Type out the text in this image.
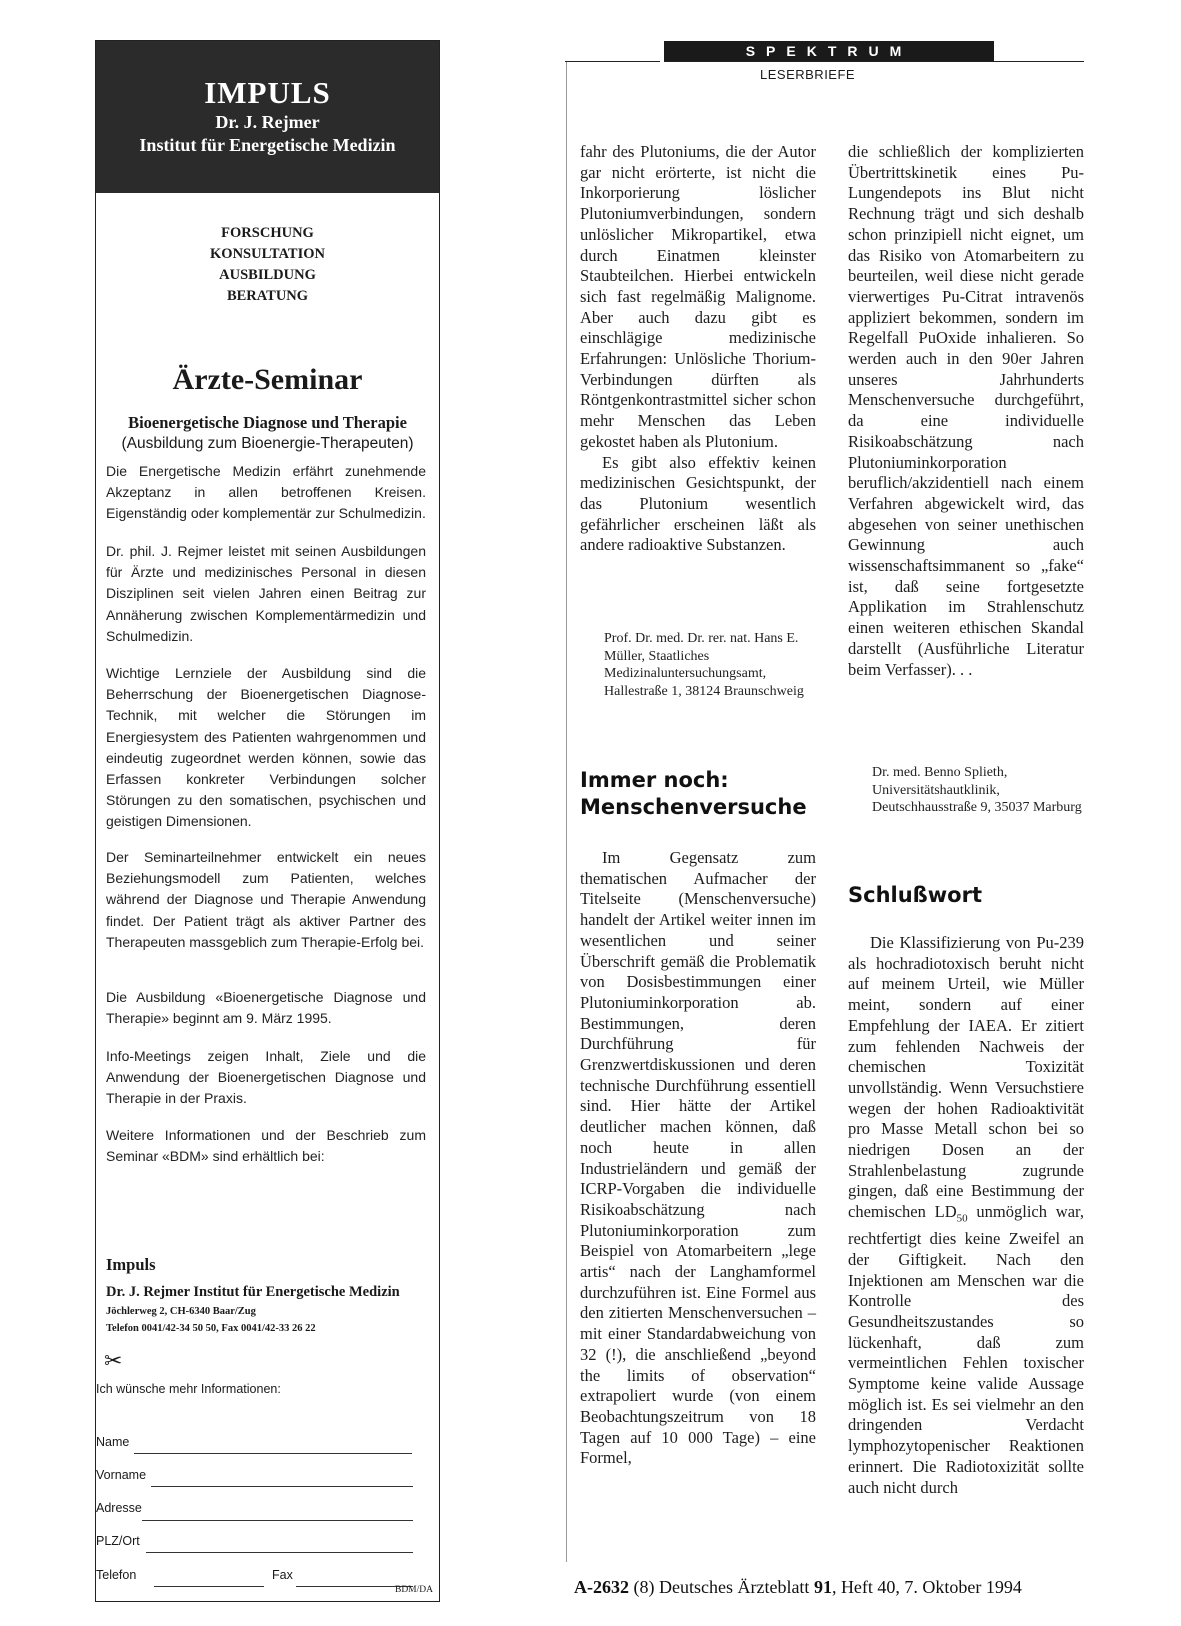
IMPULS
Dr. J. Rejmer
Institut für Energetische Medizin
FORSCHUNG
KONSULTATION
AUSBILDUNG
BERATUNG
Ärzte-Seminar
Bioenergetische Diagnose und Therapie
(Ausbildung zum Bioenergie-Therapeuten)
Die Energetische Medizin erfährt zunehmende Akzeptanz in allen betroffenen Kreisen. Eigenständig oder komplementär zur Schulmedizin.
Dr. phil. J. Rejmer leistet mit seinen Ausbildungen für Ärzte und medizinisches Personal in diesen Disziplinen seit vielen Jahren einen Beitrag zur Annäherung zwischen Komplementärmedizin und Schulmedizin.
Wichtige Lernziele der Ausbildung sind die Beherrschung der Bioenergetischen Diagnose-Technik, mit welcher die Störungen im Energiesystem des Patienten wahrgenommen und eindeutig zugeordnet werden können, sowie das Erfassen konkreter Verbindungen solcher Störungen zu den somatischen, psychischen und geistigen Dimensionen.
Der Seminarteilnehmer entwickelt ein neues Beziehungsmodell zum Patienten, welches während der Diagnose und Therapie Anwendung findet. Der Patient trägt als aktiver Partner des Therapeuten massgeblich zum Therapie-Erfolg bei.
Die Ausbildung «Bioenergetische Diagnose und Therapie» beginnt am 9. März 1995.
Info-Meetings zeigen Inhalt, Ziele und die Anwendung der Bioenergetischen Diagnose und Therapie in der Praxis.
Weitere Informationen und der Beschrieb zum Seminar «BDM» sind erhältlich bei:
Impuls
Dr. J. Rejmer Institut für Energetische Medizin
Jöchlerweg 2, CH-6340 Baar/Zug
Telefon 0041/42-34 50 50, Fax 0041/42-33 26 22
✂
Ich wünsche mehr Informationen:
Name
Vorname
Adresse
PLZ/Ort
Telefon	Fax
BDM/DA
SPEKTRUM
LESERBRIEFE

fahr des Plutoniums, die der Autor gar nicht erörterte, ist nicht die Inkorporierung löslicher Plutoniumverbindungen, sondern unlöslicher Mikropartikel, etwa durch Einatmen kleinster Staubteilchen. Hierbei entwickeln sich fast regelmäßig Malignome. Aber auch dazu gibt es einschlägige medizinische Erfahrungen: Unlösliche Thorium-Verbindungen dürften als Röntgenkontrastmittel sicher schon mehr Menschen das Leben gekostet haben als Plutonium.

Es gibt also effektiv keinen medizinischen Gesichtspunkt, der das Plutonium wesentlich gefährlicher erscheinen läßt als andere radioaktive Substanzen.

Prof. Dr. med. Dr. rer. nat. Hans E. Müller, Staatliches Medizinaluntersuchungsamt, Hallestraße 1, 38124 Braunschweig
Immer noch: Menschenversuche

Im Gegensatz zum thematischen Aufmacher der Titelseite (Menschenversuche) handelt der Artikel weiter innen im wesentlichen und seiner Überschrift gemäß die Problematik von Dosisbestimmungen einer Plutoniuminkorporation ab. Bestimmungen, deren Durchführung für Grenzwertdiskussionen und deren technische Durchführung essentiell sind. Hier hätte der Artikel deutlicher machen können, daß noch heute in allen Industrieländern und gemäß der ICRP-Vorgaben die individuelle Risikoabschätzung nach Plutoniuminkorporation zum Beispiel von Atomarbeitern „lege artis“ nach der Langhamformel durchzuführen ist. Eine Formel aus den zitierten Menschenversuchen – mit einer Standardabweichung von 32 (!), die anschließend „beyond the limits of observation“ extrapoliert wurde (von einem Beobachtungszeitrum von 18 Tagen auf 10 000 Tage) – eine Formel,

die schließlich der komplizierten Übertrittskinetik eines Pu-Lungendepots ins Blut nicht Rechnung trägt und sich deshalb schon prinzipiell nicht eignet, um das Risiko von Atomarbeitern zu beurteilen, weil diese nicht gerade vierwertiges Pu-Citrat intravenös appliziert bekommen, sondern im Regelfall PuOxide inhalieren. So werden auch in den 90er Jahren unseres Jahrhunderts Menschenversuche durchgeführt, da eine individuelle Risikoabschätzung nach Plutoniuminkorporation beruflich/akzidentiell nach einem Verfahren abgewickelt wird, das abgesehen von seiner unethischen Gewinnung auch wissenschaftsimmanent so „fake“ ist, daß seine fortgesetzte Applikation im Strahlenschutz einen weiteren ethischen Skandal darstellt (Ausführliche Literatur beim Verfasser). . .

Dr. med. Benno Splieth, Universitätshautklinik, Deutschhausstraße 9, 35037 Marburg
Schlußwort

Die Klassifizierung von Pu-239 als hochradiotoxisch beruht nicht auf meinem Urteil, wie Müller meint, sondern auf einer Empfehlung der IAEA. Er zitiert zum fehlenden Nachweis der chemischen Toxizität unvollständig. Wenn Versuchstiere wegen der hohen Radioaktivität pro Masse Metall schon bei so niedrigen Dosen an der Strahlenbelastung zugrunde gingen, daß eine Bestimmung der chemischen $LD_{50}$ unmöglich war, rechtfertigt dies keine Zweifel an der Giftigkeit. Nach den Injektionen am Menschen war die Kontrolle des Gesundheitszustandes so lückenhaft, daß zum vermeintlichen Fehlen toxischer Symptome keine valide Aussage möglich ist. Es sei vielmehr an den dringenden Verdacht lymphozytopenischer Reaktionen erinnert. Die Radiotoxizität sollte auch nicht durch

A-2632 (8) Deutsches Ärzteblatt 91, Heft 40, 7. Oktober 1994
